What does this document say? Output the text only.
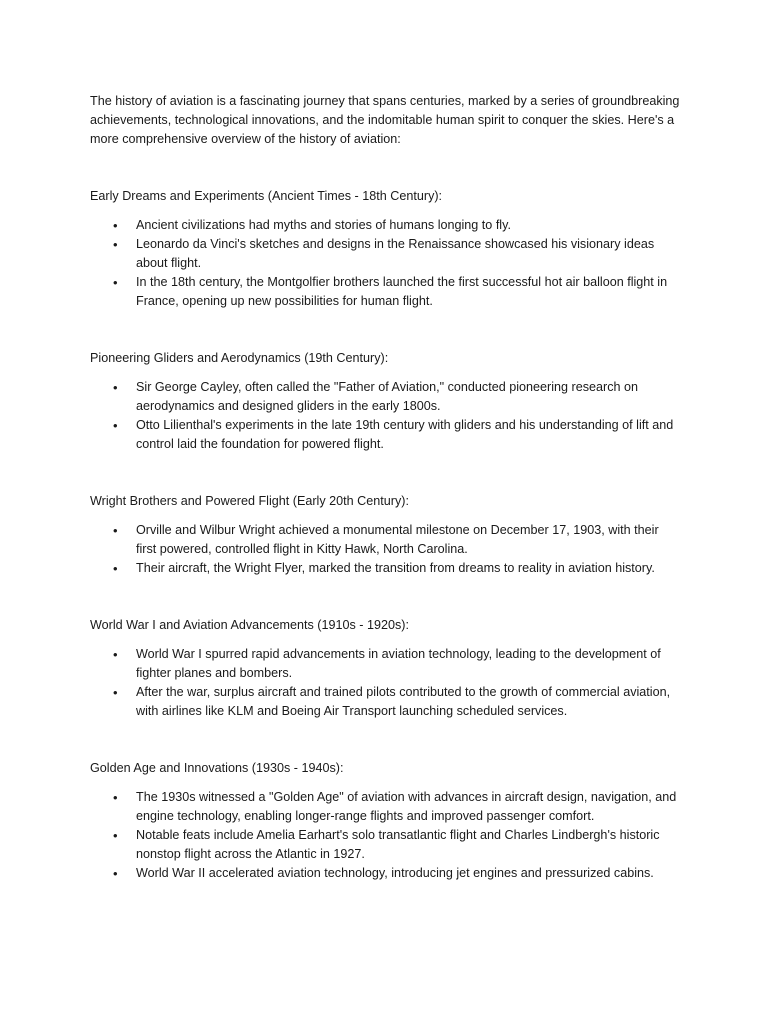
The history of aviation is a fascinating journey that spans centuries, marked by a series of groundbreaking achievements, technological innovations, and the indomitable human spirit to conquer the skies. Here's a more comprehensive overview of the history of aviation:

Early Dreams and Experiments (Ancient Times - 18th Century):

• Ancient civilizations had myths and stories of humans longing to fly.
• Leonardo da Vinci's sketches and designs in the Renaissance showcased his visionary ideas about flight.
• In the 18th century, the Montgolfier brothers launched the first successful hot air balloon flight in France, opening up new possibilities for human flight.

Pioneering Gliders and Aerodynamics (19th Century):

• Sir George Cayley, often called the "Father of Aviation," conducted pioneering research on aerodynamics and designed gliders in the early 1800s.
• Otto Lilienthal's experiments in the late 19th century with gliders and his understanding of lift and control laid the foundation for powered flight.

Wright Brothers and Powered Flight (Early 20th Century):

• Orville and Wilbur Wright achieved a monumental milestone on December 17, 1903, with their first powered, controlled flight in Kitty Hawk, North Carolina.
• Their aircraft, the Wright Flyer, marked the transition from dreams to reality in aviation history.

World War I and Aviation Advancements (1910s - 1920s):

• World War I spurred rapid advancements in aviation technology, leading to the development of fighter planes and bombers.
• After the war, surplus aircraft and trained pilots contributed to the growth of commercial aviation, with airlines like KLM and Boeing Air Transport launching scheduled services.

Golden Age and Innovations (1930s - 1940s):

• The 1930s witnessed a "Golden Age" of aviation with advances in aircraft design, navigation, and engine technology, enabling longer-range flights and improved passenger comfort.
• Notable feats include Amelia Earhart's solo transatlantic flight and Charles Lindbergh's historic nonstop flight across the Atlantic in 1927.
• World War II accelerated aviation technology, introducing jet engines and pressurized cabins.
